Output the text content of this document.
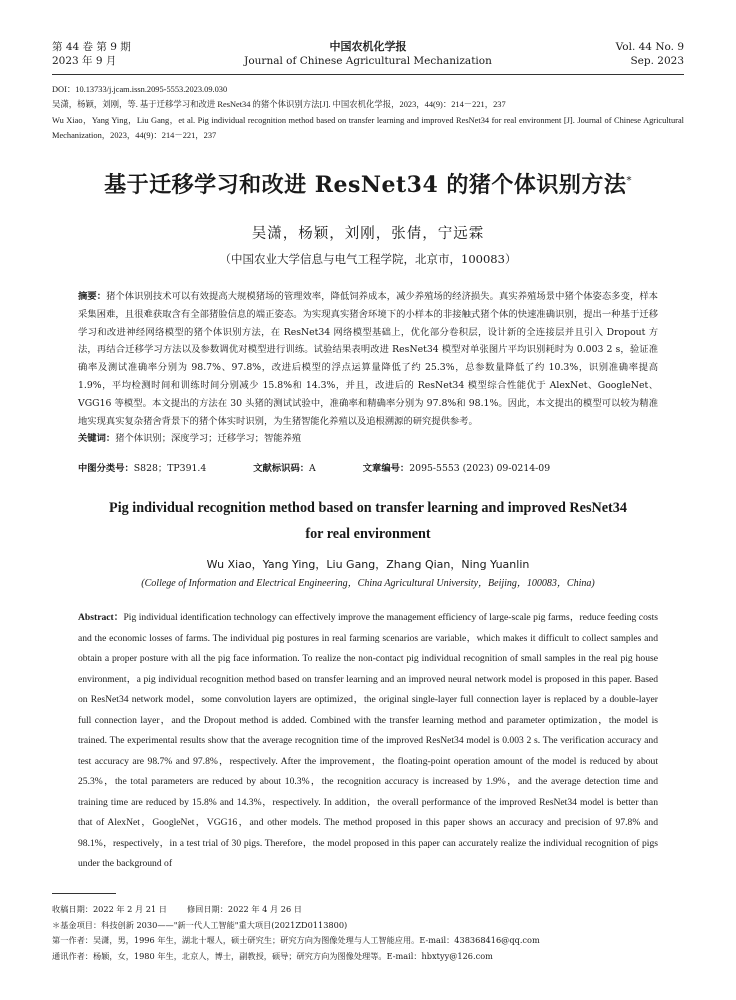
第 44 卷 第 9 期
2023 年 9 月
中国农机化学报
Journal of Chinese Agricultural Mechanization
Vol. 44 No. 9
Sep. 2023
DOI：10.13733/j.jcam.issn.2095-5553.2023.09.030
吴潇，杨颖，刘刚，等. 基于迁移学习和改进 ResNet34 的猪个体识别方法[J]. 中国农机化学报，2023，44(9)：214－221，237
Wu Xiao，Yang Ying，Liu Gang，et al. Pig individual recognition method based on transfer learning and improved ResNet34 for real environment [J]. Journal of Chinese Agricultural Mechanization，2023，44(9)：214－221，237
基于迁移学习和改进 ResNet34 的猪个体识别方法*
吴潇，杨颖，刘刚，张倩，宁远霖
（中国农业大学信息与电气工程学院，北京市，100083）
摘要：猪个体识别技术可以有效提高大规模猪场的管理效率，降低饲养成本，减少养殖场的经济损失。真实养殖场景中猪个体姿态多变，样本采集困难，且很难获取含有全部猪脸信息的端正姿态。为实现真实猪舍环境下的小样本的非接触式猪个体的快速准确识别，提出一种基于迁移学习和改进神经网络模型的猪个体识别方法，在 ResNet34 网络模型基础上，优化部分卷积层，设计新的全连接层并且引入 Dropout 方法，再结合迁移学习方法以及参数调优对模型进行训练。试验结果表明改进 ResNet34 模型对单张图片平均识别耗时为 0.003 2 s，验证准确率及测试准确率分别为 98.7%、97.8%，改进后模型的浮点运算量降低了约 25.3%，总参数量降低了约 10.3%，识别准确率提高 1.9%，平均检测时间和训练时间分别减少 15.8%和 14.3%，并且，改进后的 ResNet34 模型综合性能优于 AlexNet、GoogleNet、VGG16 等模型。本文提出的方法在 30 头猪的测试试验中，准确率和精确率分别为 97.8%和 98.1%。因此，本文提出的模型可以较为精准地实现真实复杂猪舍背景下的猪个体实时识别，为生猪智能化养殖以及追根溯源的研究提供参考。
关键词：猪个体识别；深度学习；迁移学习；智能养殖
中图分类号：S828；TP391.4	文献标识码：A	文章编号：2095-5553 (2023) 09-0214-09
Pig individual recognition method based on transfer learning and improved ResNet34
for real environment
Wu Xiao，Yang Ying，Liu Gang，Zhang Qian，Ning Yuanlin
(College of Information and Electrical Engineering，China Agricultural University，Beijing，100083，China)
Abstract：Pig individual identification technology can effectively improve the management efficiency of large-scale pig farms，reduce feeding costs and the economic losses of farms. The individual pig postures in real farming scenarios are variable，which makes it difficult to collect samples and obtain a proper posture with all the pig face information. To realize the non-contact pig individual recognition of small samples in the real pig house environment，a pig individual recognition method based on transfer learning and an improved neural network model is proposed in this paper. Based on ResNet34 network model，some convolution layers are optimized，the original single-layer full connection layer is replaced by a double-layer full connection layer，and the Dropout method is added. Combined with the transfer learning method and parameter optimization，the model is trained. The experimental results show that the average recognition time of the improved ResNet34 model is 0.003 2 s. The verification accuracy and test accuracy are 98.7% and 97.8%，respectively. After the improvement，the floating-point operation amount of the model is reduced by about 25.3%，the total parameters are reduced by about 10.3%，the recognition accuracy is increased by 1.9%，and the average detection time and training time are reduced by 15.8% and 14.3%，respectively. In addition，the overall performance of the improved ResNet34 model is better than that of AlexNet，GoogleNet，VGG16，and other models. The method proposed in this paper shows an accuracy and precision of 97.8% and 98.1%，respectively，in a test trial of 30 pigs. Therefore，the model proposed in this paper can accurately realize the individual recognition of pigs under the background of
收稿日期：2022 年 2 月 21 日 修回日期：2022 年 4 月 26 日
＊基金项目：科技创新 2030——"新一代人工智能"重大项目(2021ZD0113800)
第一作者：吴潇，男，1996 年生，湖北十堰人，硕士研究生；研究方向为图像处理与人工智能应用。E-mail：438368416@qq.com
通讯作者：杨颖，女，1980 年生，北京人，博士，副教授，硕导；研究方向为图像处理等。E-mail：hbxtyy@126.com
